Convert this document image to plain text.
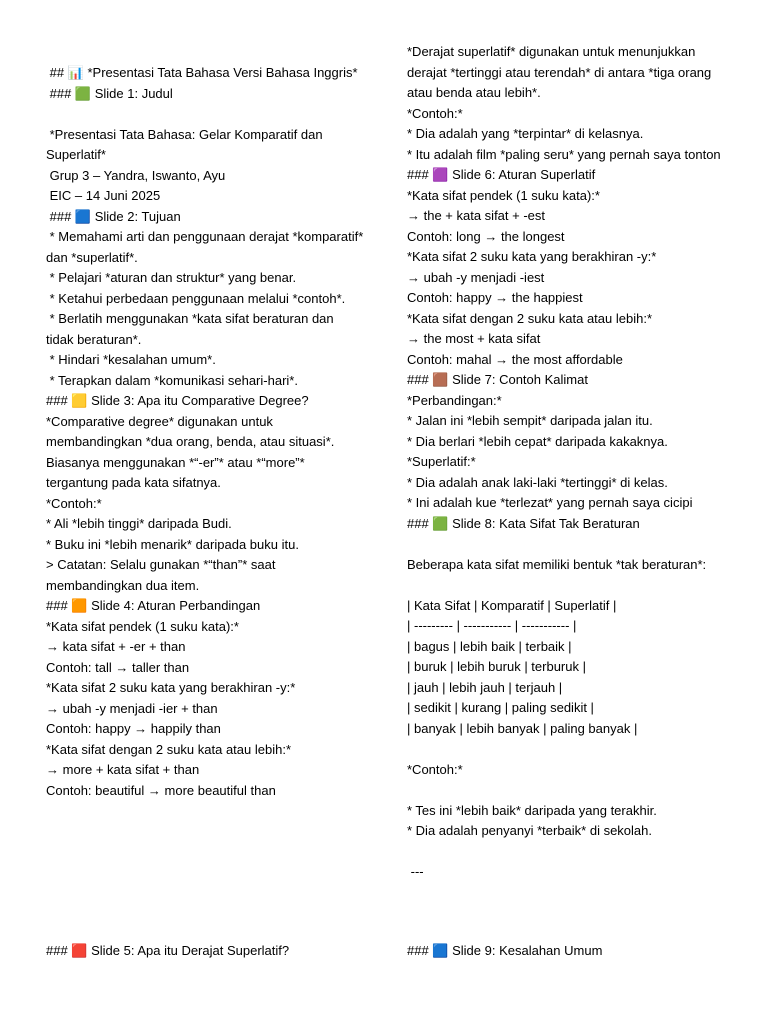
## 📊 *Presentasi Tata Bahasa Versi Bahasa Inggris*
### 🟩 Slide 1: Judul
*Presentasi Tata Bahasa: Gelar Komparatif dan Superlatif*
Grup 3 – Yandra, Iswanto, Ayu
EIC – 14 Juni 2025
### 🟦 Slide 2: Tujuan
* Memahami arti dan penggunaan derajat *komparatif* dan *superlatif*.
* Pelajari *aturan dan struktur* yang benar.
* Ketahui perbedaan penggunaan melalui *contoh*.
* Berlatih menggunakan *kata sifat beraturan dan tidak beraturan*.
* Hindari *kesalahan umum*.
* Terapkan dalam *komunikasi sehari-hari*.
### 🟨 Slide 3: Apa itu Comparative Degree?
*Comparative degree* digunakan untuk membandingkan *dua orang, benda, atau situasi*.
Biasanya menggunakan *“-er”* atau *“more”* tergantung pada kata sifatnya.
*Contoh:*
* Ali *lebih tinggi* daripada Budi.
* Buku ini *lebih menarik* daripada buku itu.
> Catatan: Selalu gunakan *“than”* saat membandingkan dua item.
### 🟧 Slide 4: Aturan Perbandingan
*Kata sifat pendek (1 suku kata):*
→ kata sifat + -er + than
Contoh: tall → taller than
*Kata sifat 2 suku kata yang berakhiran -y:*
→ ubah -y menjadi -ier + than
Contoh: happy → happily than
*Kata sifat dengan 2 suku kata atau lebih:*
→ more + kata sifat + than
Contoh: beautiful → more beautiful than
*Derajat superlatif* digunakan untuk menunjukkan derajat *tertinggi atau terendah* di antara *tiga orang atau benda atau lebih*.
*Contoh:*
* Dia adalah yang *terpintar* di kelasnya.
* Itu adalah film *paling seru* yang pernah saya tonton
### 🟪 Slide 6: Aturan Superlatif
*Kata sifat pendek (1 suku kata):*
→ the + kata sifat + -est
Contoh: long → the longest
*Kata sifat 2 suku kata yang berakhiran -y:*
→ ubah -y menjadi -iest
Contoh: happy → the happiest
*Kata sifat dengan 2 suku kata atau lebih:*
→ the most + kata sifat
Contoh: mahal → the most affordable
### 🟫 Slide 7: Contoh Kalimat
*Perbandingan:*
* Jalan ini *lebih sempit* daripada jalan itu.
* Dia berlari *lebih cepat* daripada kakaknya.
*Superlatif:*
* Dia adalah anak laki-laki *tertinggi* di kelas.
* Ini adalah kue *terlezat* yang pernah saya cicipi
### 🟩 Slide 8: Kata Sifat Tak Beraturan
Beberapa kata sifat memiliki bentuk *tak beraturan*:
| Kata Sifat | Komparatif | Superlatif |
| --------- | ----------- | ----------- |
| bagus | lebih baik | terbaik |
| buruk | lebih buruk | terburuk |
| jauh | lebih jauh | terjauh |
| sedikit | kurang | paling sedikit |
| banyak | lebih banyak | paling banyak |
*Contoh:*
* Tes ini *lebih baik* daripada yang terakhir.
* Dia adalah penyanyi *terbaik* di sekolah.
---
### 🟥 Slide 5: Apa itu Derajat Superlatif?	### 🟦 Slide 9: Kesalahan Umum
